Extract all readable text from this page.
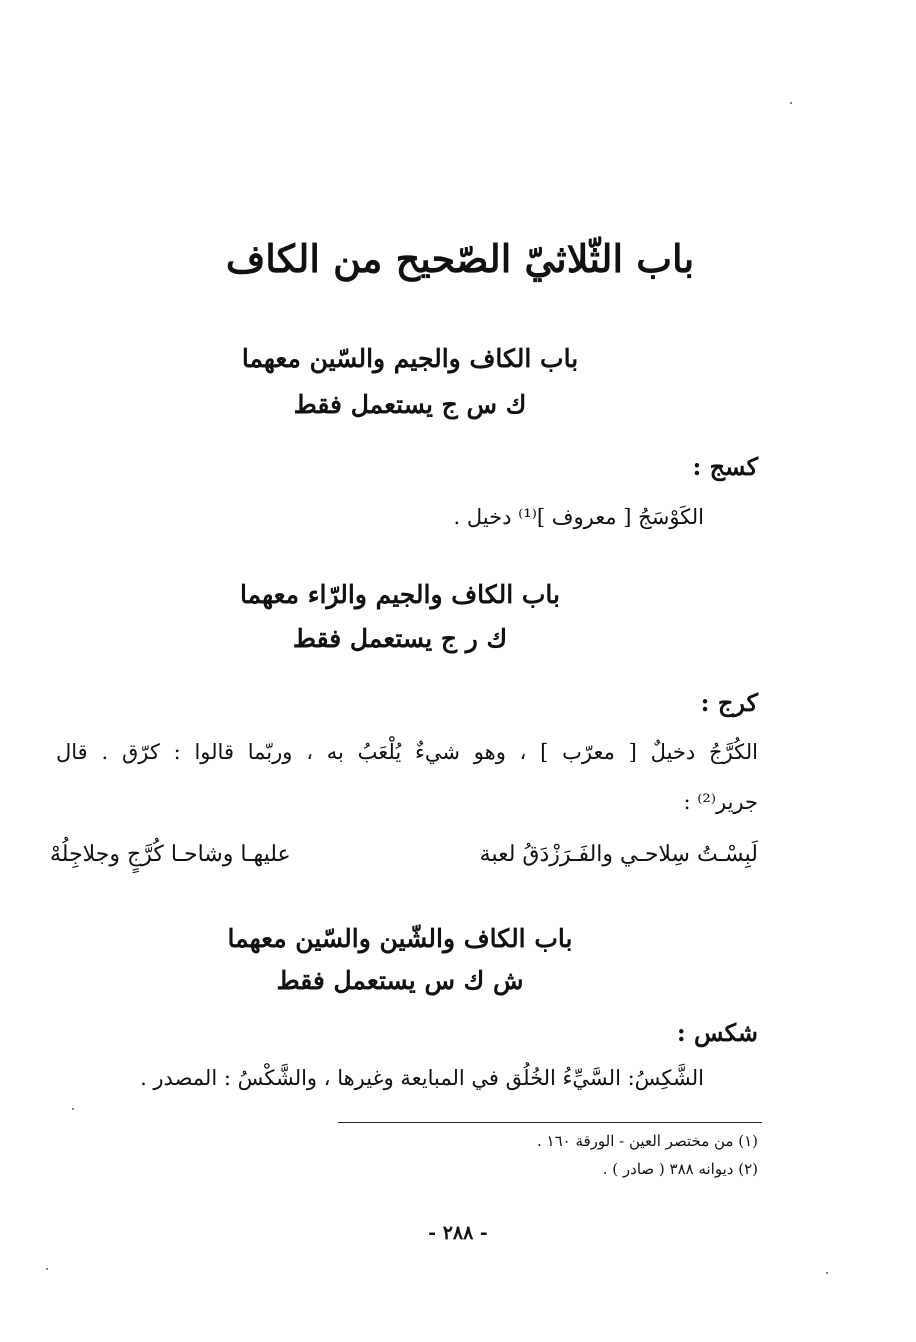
باب الثّلاثيّ الصّحيح من الكاف
باب الكاف والجيم والسّين معهما
ك س ج يستعمل فقط
كسج :
الكَوْسَجُ [ معروف ]⁽¹⁾ دخيل .
باب الكاف والجيم والرّاء معهما
ك ر ج يستعمل فقط
كرج :
الكُرَّجُ دخيلٌ [ معرّب ] ، وهو شيءٌ يُلْعَبُ به ، وربّما قالوا : كرّق . قال
جرير⁽²⁾ :
لَبِسْـتُ سِلاحـي والفَـرَزْدَقُ لعبة
عليهـا وشاحـا كُرَّجٍ وجلاجِلُهْ
باب الكاف والشّين والسّين معهما
ش ك س يستعمل فقط
شكس :
الشَّكِسُ: السَّيِّءُ الخُلُق في المبايعة وغيرها ، والشَّكْسُ : المصدر .
(١) من مختصر العين - الورقة ١٦٠ .
(٢) ديوانه ٣٨٨ ( صادر ) .
- ٢٨٨ -
